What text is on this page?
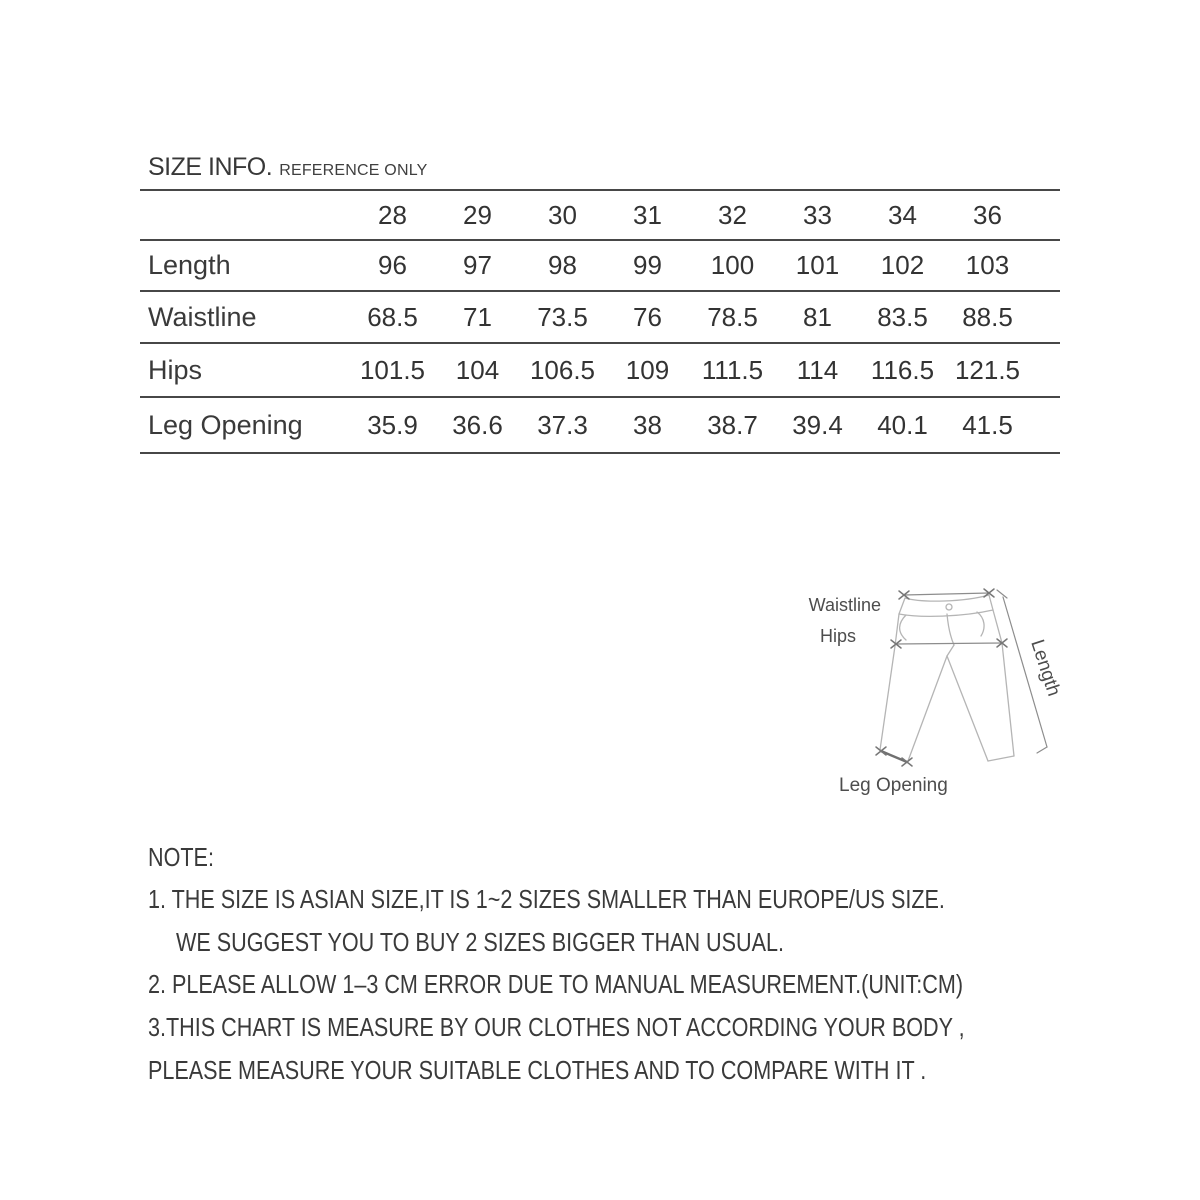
SIZE INFO. REFERENCE ONLY
	28	29	30	31	32	33	34	36	
Length	96	97	98	99	100	101	102	103	
Waistline	68.5	71	73.5	76	78.5	81	83.5	88.5	
Hips	101.5	104	106.5	109	111.5	114	116.5	121.5	
Leg Opening	35.9	36.6	37.3	38	38.7	39.4	40.1	41.5	
Waistline
Hips
Length
Leg Opening
NOTE:
1. THE SIZE IS ASIAN SIZE,IT IS 1~2 SIZES SMALLER THAN EUROPE/US SIZE.
WE SUGGEST YOU TO BUY 2 SIZES BIGGER THAN USUAL.
2. PLEASE ALLOW 1–3 CM ERROR DUE TO MANUAL MEASUREMENT.(UNIT:CM)
3.THIS CHART IS MEASURE BY OUR CLOTHES NOT ACCORDING YOUR BODY ,
PLEASE MEASURE YOUR SUITABLE CLOTHES AND TO COMPARE WITH IT .
